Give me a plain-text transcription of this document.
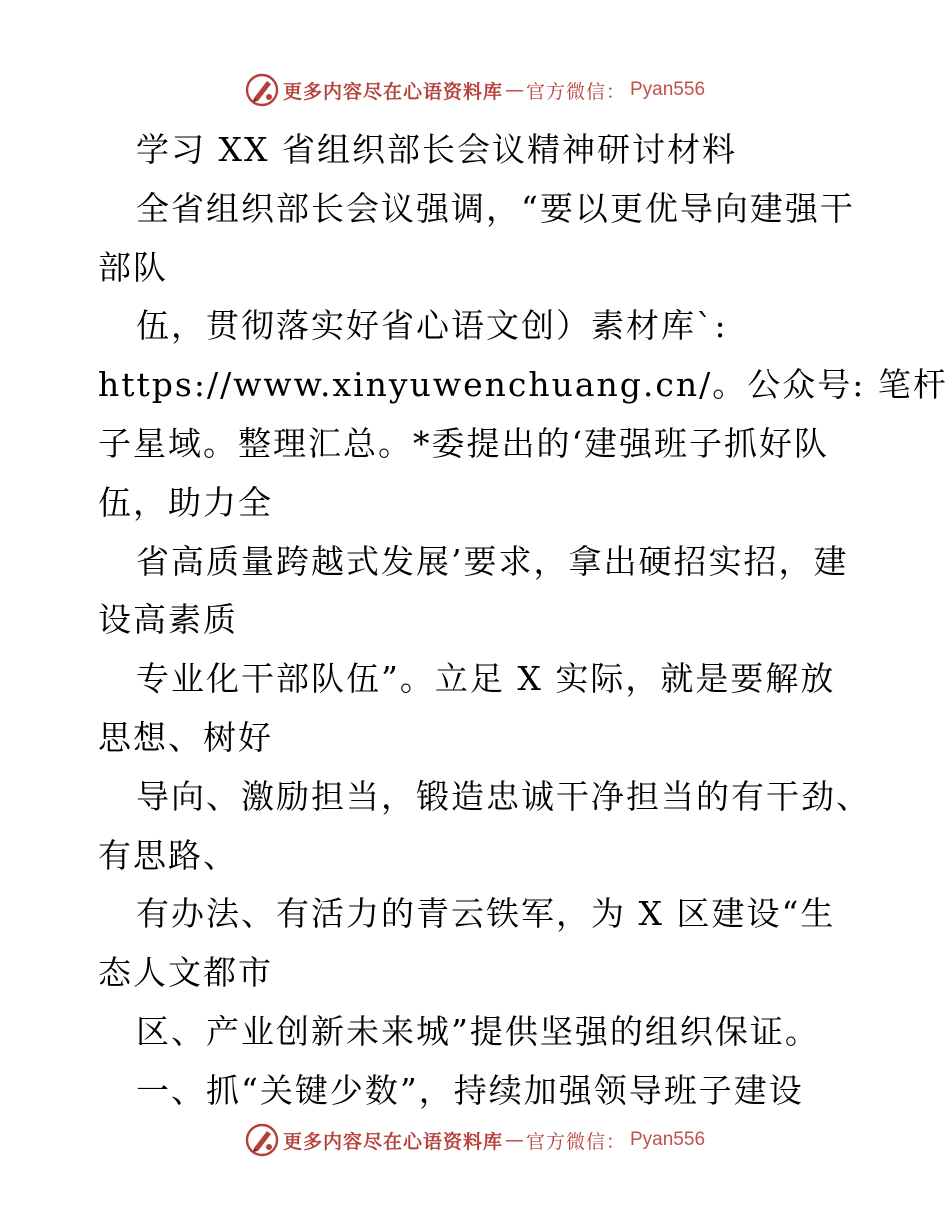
更多内容尽在心语资料库 — 官方微信： Pyan556
学习 XX 省组织部长会议精神研讨材料
全省组织部长会议强调，“要以更优导向建强干
部队
伍，贯彻落实好省心语文创）素材库`:
https://www.xinyuwenchuang.cn/。公众号: 笔杆
子星域。整理汇总。*委提出的‘建强班子抓好队
伍，助力全
省高质量跨越式发展’要求，拿出硬招实招，建
设高素质
专业化干部队伍”。立足 X 实际，就是要解放
思想、树好
导向、激励担当，锻造忠诚干净担当的有干劲、
有思路、
有办法、有活力的青云铁军，为 X 区建设“生
态人文都市
区、产业创新未来城”提供坚强的组织保证。
一、抓“关键少数”，持续加强领导班子建设
更多内容尽在心语资料库 — 官方微信： Pyan556
